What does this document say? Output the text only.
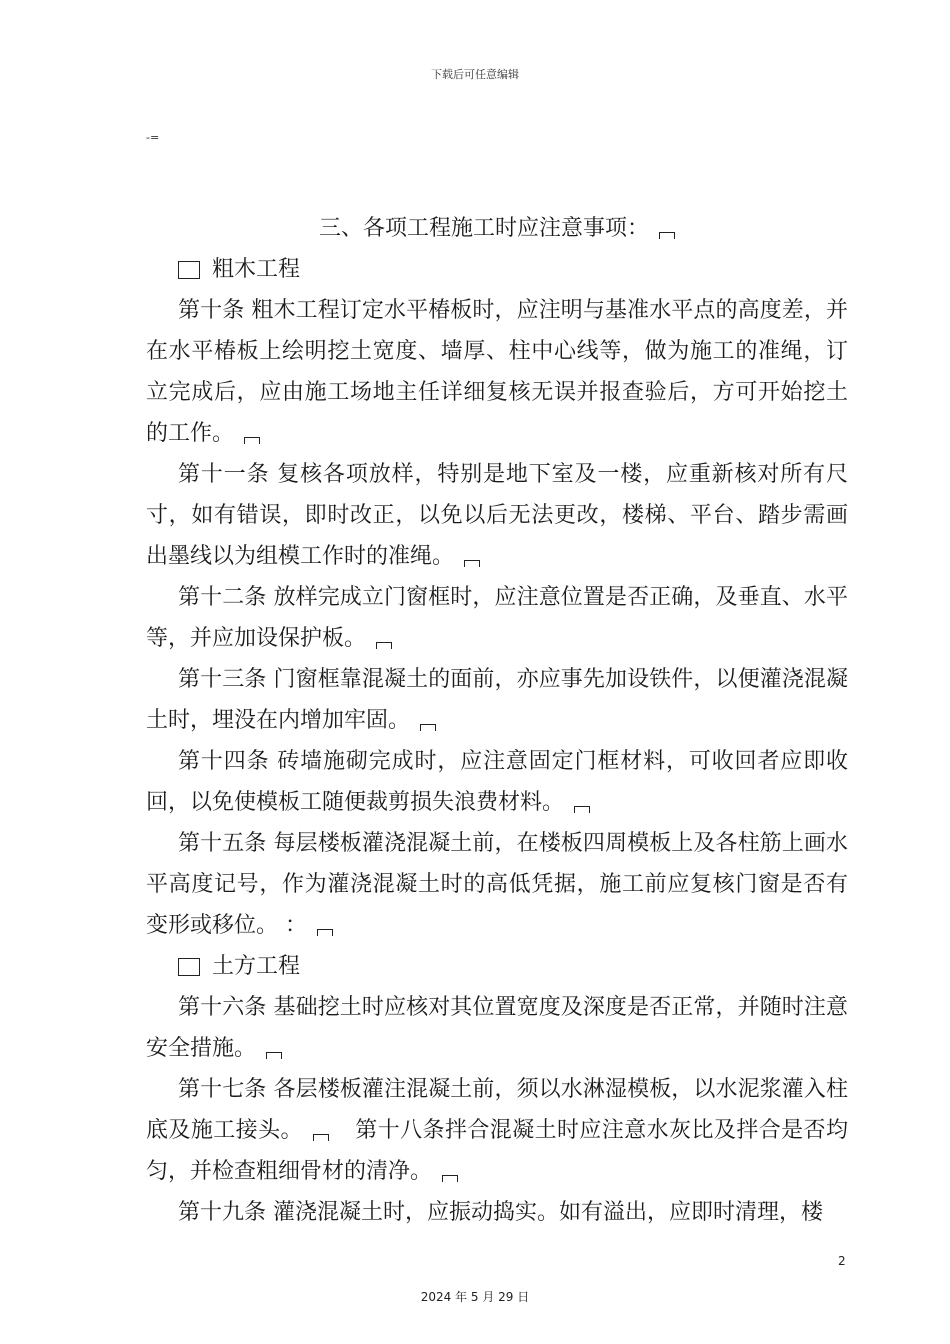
下载后可任意编辑
-=

三、各项工程施工时应注意事项：

粗木工程

第十条 粗木工程订定水平椿板时，应注明与基准水平点的高度差，并在水平椿板上绘明挖土宽度、墙厚、柱中心线等，做为施工的准绳，订立完成后，应由施工场地主任详细复核无误并报查验后，方可开始挖土的工作。

第十一条 复核各项放样，特别是地下室及一楼，应重新核对所有尺寸，如有错误，即时改正，以免以后无法更改，楼梯、平台、踏步需画出墨线以为组模工作时的准绳。

第十二条 放样完成立门窗框时，应注意位置是否正确，及垂直、水平等，并应加设保护板。

第十三条 门窗框靠混凝土的面前，亦应事先加设铁件，以便灌浇混凝土时，埋没在内增加牢固。

第十四条 砖墙施砌完成时，应注意固定门框材料，可收回者应即收回，以免使模板工随便裁剪损失浪费材料。

第十五条 每层楼板灌浇混凝土前，在楼板四周模板上及各柱筋上画水平高度记号，作为灌浇混凝土时的高低凭据，施工前应复核门窗是否有变形或移位。 ：

土方工程

第十六条 基础挖土时应核对其位置宽度及深度是否正常，并随时注意安全措施。

第十七条 各层楼板灌注混凝土前，须以水淋湿模板，以水泥浆灌入柱底及施工接头。 第十八条拌合混凝土时应注意水灰比及拌合是否均匀，并检查粗细骨材的清净。

第十九条 灌浇混凝土时，应振动捣实。如有溢出，应即时清理，楼

2
2024 年 5 月 29 日
